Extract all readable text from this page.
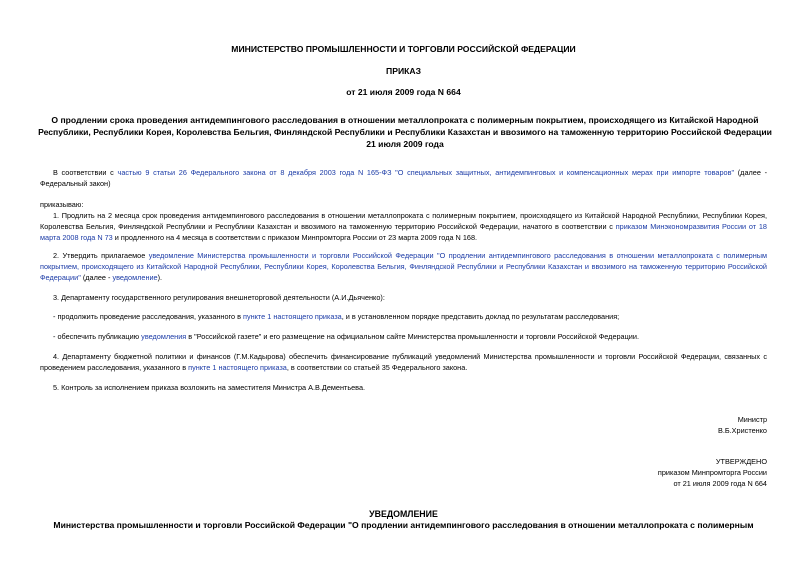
МИНИСТЕРСТВО ПРОМЫШЛЕННОСТИ И ТОРГОВЛИ РОССИЙСКОЙ ФЕДЕРАЦИИ
ПРИКАЗ
от 21 июля 2009 года N 664
О продлении срока проведения антидемпингового расследования в отношении металлопроката с полимерным покрытием, происходящего из Китайской Народной Республики, Республики Корея, Королевства Бельгия, Финляндской Республики и Республики Казахстан и ввозимого на таможенную территорию Российской Федерации 21 июля 2009 года
В соответствии с частью 9 статьи 26 Федерального закона от 8 декабря 2003 года N 165-ФЗ "О специальных защитных, антидемпинговых и компенсационных мерах при импорте товаров" (далее - Федеральный закон)
приказываю:
1. Продлить на 2 месяца срок проведения антидемпингового расследования в отношении металлопроката с полимерным покрытием, происходящего из Китайской Народной Республики, Республики Корея, Королевства Бельгия, Финляндской Республики и Республики Казахстан и ввозимого на таможенную территорию Российской Федерации, начатого в соответствии с приказом Минэкономразвития России от 18 марта 2008 года N 73 и продленного на 4 месяца в соответствии с приказом Минпромторга России от 23 марта 2009 года N 168.
2. Утвердить прилагаемое уведомление Министерства промышленности и торговли Российской Федерации "О продлении антидемпингового расследования в отношении металлопроката с полимерным покрытием, происходящего из Китайской Народной Республики, Республики Корея, Королевства Бельгия, Финляндской Республики и Республики Казахстан и ввозимого на таможенную территорию Российской Федерации" (далее - уведомление).
3. Департаменту государственного регулирования внешнеторговой деятельности (А.И.Дьяченко):
- продолжить проведение расследования, указанного в пункте 1 настоящего приказа, и в установленном порядке представить доклад по результатам расследования;
- обеспечить публикацию уведомления в "Российской газете" и его размещение на официальном сайте Министерства промышленности и торговли Российской Федерации.
4. Департаменту бюджетной политики и финансов (Г.М.Кадырова) обеспечить финансирование публикаций уведомлений Министерства промышленности и торговли Российской Федерации, связанных с проведением расследования, указанного в пункте 1 настоящего приказа, в соответствии со статьей 35 Федерального закона.
5. Контроль за исполнением приказа возложить на заместителя Министра А.В.Дементьева.
Министр
В.Б.Христенко
УТВЕРЖДЕНО
приказом Минпромторга России
от 21 июля 2009 года N 664
УВЕДОМЛЕНИЕ
Министерства промышленности и торговли Российской Федерации "О продлении антидемпингового расследования в отношении металлопроката с полимерным
